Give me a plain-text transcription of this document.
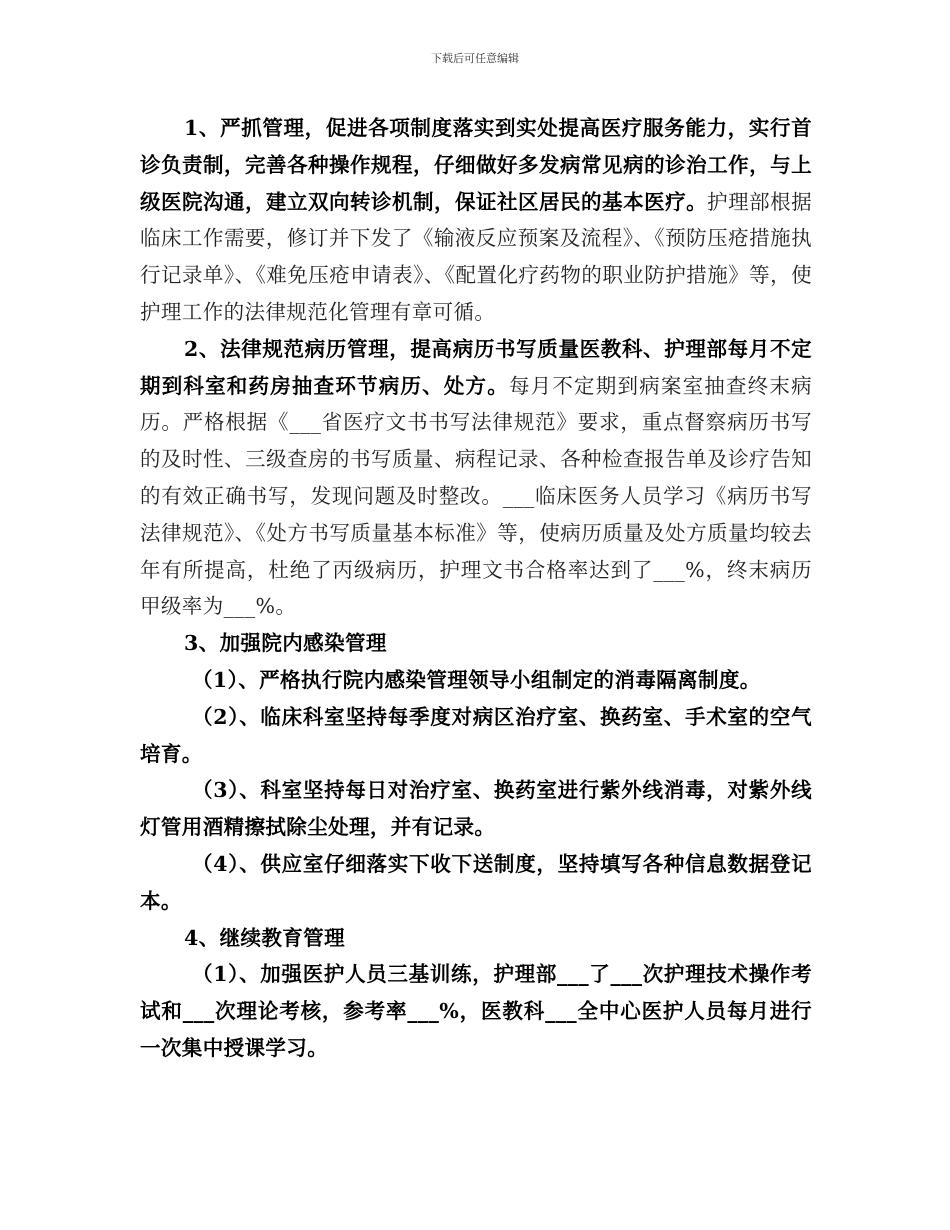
下载后可任意编辑

1、严抓管理，促进各项制度落实到实处提高医疗服务能力，实行首诊负责制，完善各种操作规程，仔细做好多发病常见病的诊治工作，与上级医院沟通，建立双向转诊机制，保证社区居民的基本医疗。护理部根据临床工作需要，修订并下发了《输液反应预案及流程》、《预防压疮措施执行记录单》、《难免压疮申请表》、《配置化疗药物的职业防护措施》等，使护理工作的法律规范化管理有章可循。

2、法律规范病历管理，提高病历书写质量医教科、护理部每月不定期到科室和药房抽查环节病历、处方。每月不定期到病案室抽查终末病历。严格根据《___省医疗文书书写法律规范》要求，重点督察病历书写的及时性、三级查房的书写质量、病程记录、各种检查报告单及诊疗告知的有效正确书写，发现问题及时整改。___临床医务人员学习《病历书写法律规范》、《处方书写质量基本标准》等，使病历质量及处方质量均较去年有所提高，杜绝了丙级病历，护理文书合格率达到了___%，终末病历甲级率为___%。

3、加强院内感染管理

（1）、严格执行院内感染管理领导小组制定的消毒隔离制度。

（2）、临床科室坚持每季度对病区治疗室、换药室、手术室的空气培育。

（3）、科室坚持每日对治疗室、换药室进行紫外线消毒，对紫外线灯管用酒精擦拭除尘处理，并有记录。

（4）、供应室仔细落实下收下送制度，坚持填写各种信息数据登记本。

4、继续教育管理

（1）、加强医护人员三基训练，护理部___了___次护理技术操作考试和___次理论考核，参考率___%，医教科___全中心医护人员每月进行一次集中授课学习。
